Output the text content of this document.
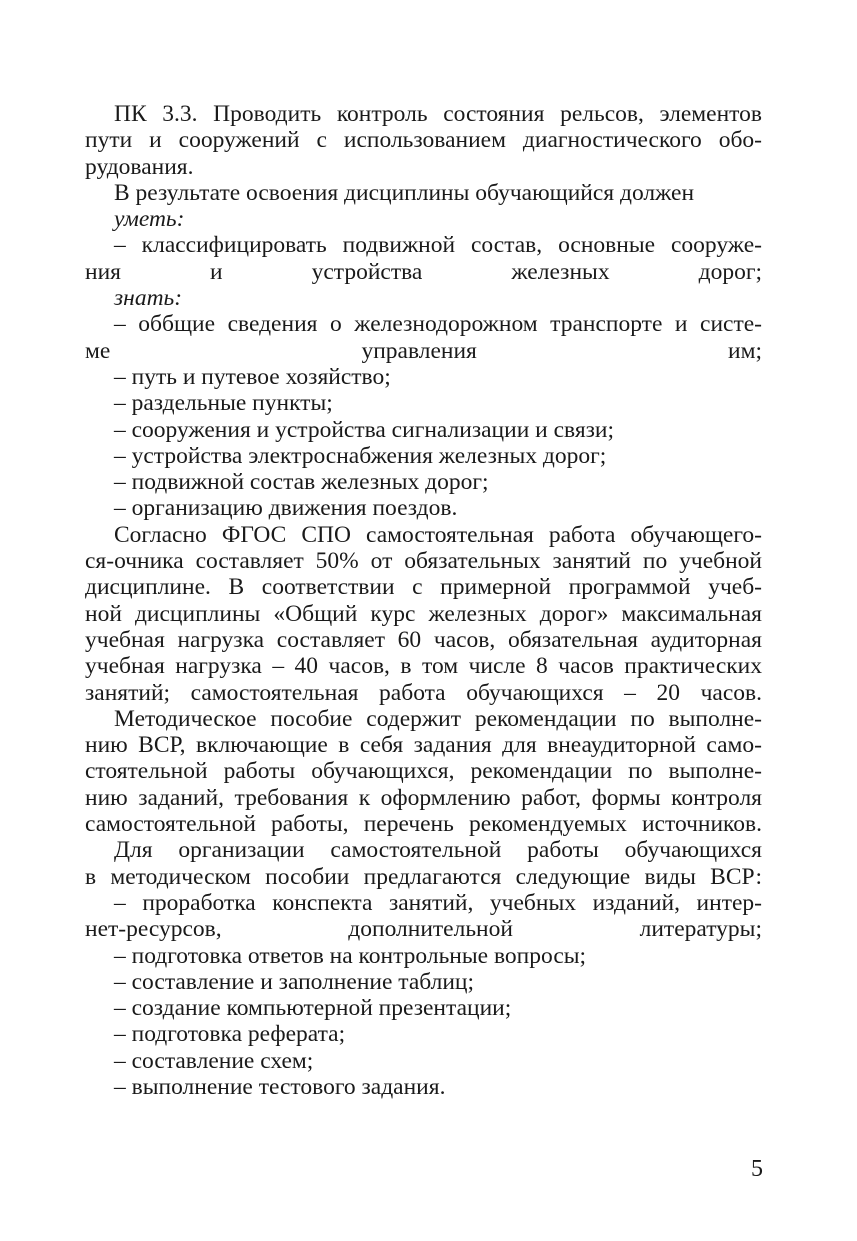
ПК 3.3. Проводить контроль состояния рельсов, элементов
пути и сооружений с использованием диагностического обо-
рудования.

В результате освоения дисциплины обучающийся должен

уметь:

– классифицировать подвижной состав, основные сооруже-
ния и устройства железных дорог;

знать:

– оббщие сведения о железнодорожном транспорте и систе-
ме управления им;

– путь и путевое хозяйство;

– раздельные пункты;

– сооружения и устройства сигнализации и связи;

– устройства электроснабжения железных дорог;

– подвижной состав железных дорог;

– организацию движения поездов.

Согласно ФГОС СПО самостоятельная работа обучающего-
ся-очника составляет 50% от обязательных занятий по учебной
дисциплине. В соответствии с примерной программой учеб-
ной дисциплины «Общий курс железных дорог» максимальная
учебная нагрузка составляет 60 часов, обязательная аудиторная
учебная нагрузка – 40 часов, в том числе 8 часов практических
занятий; самостоятельная работа обучающихся – 20 часов.

Методическое пособие содержит рекомендации по выполне-
нию ВСР, включающие в себя задания для внеаудиторной само-
стоятельной работы обучающихся, рекомендации по выполне-
нию заданий, требования к оформлению работ, формы контроля
самостоятельной работы, перечень рекомендуемых источников.

Для организации самостоятельной работы обучающихся
в методическом пособии предлагаются следующие виды ВСР:

– проработка конспекта занятий, учебных изданий, интер-
нет-ресурсов, дополнительной литературы;

– подготовка ответов на контрольные вопросы;

– составление и заполнение таблиц;

– создание компьютерной презентации;

– подготовка реферата;

– составление схем;

– выполнение тестового задания.

5
